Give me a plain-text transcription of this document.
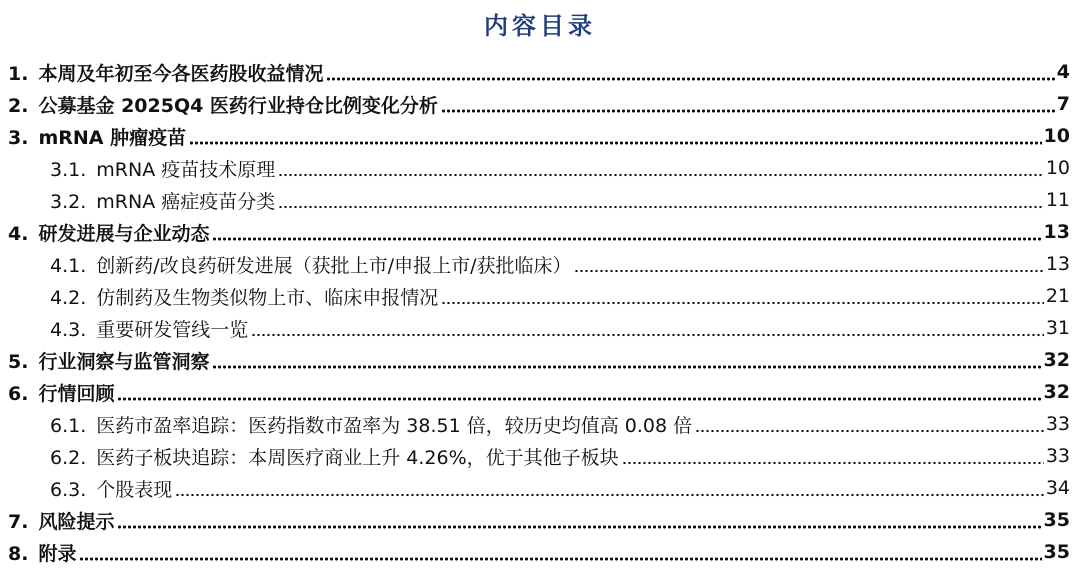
内容目录
1. 本周及年初至今各医药股收益情况	4
2. 公募基金 2025Q4 医药行业持仓比例变化分析	7
3. mRNA 肿瘤疫苗	10
3.1. mRNA 疫苗技术原理	10
3.2. mRNA 癌症疫苗分类	11
4. 研发进展与企业动态	13
4.1. 创新药/改良药研发进展（获批上市/申报上市/获批临床）	13
4.2. 仿制药及生物类似物上市、临床申报情况	21
4.3. 重要研发管线一览	31
5. 行业洞察与监管洞察	32
6. 行情回顾	32
6.1. 医药市盈率追踪：医药指数市盈率为 38.51 倍，较历史均值高 0.08 倍	33
6.2. 医药子板块追踪：本周医疗商业上升 4.26%，优于其他子板块	33
6.3. 个股表现	34
7. 风险提示	35
8. 附录	35
